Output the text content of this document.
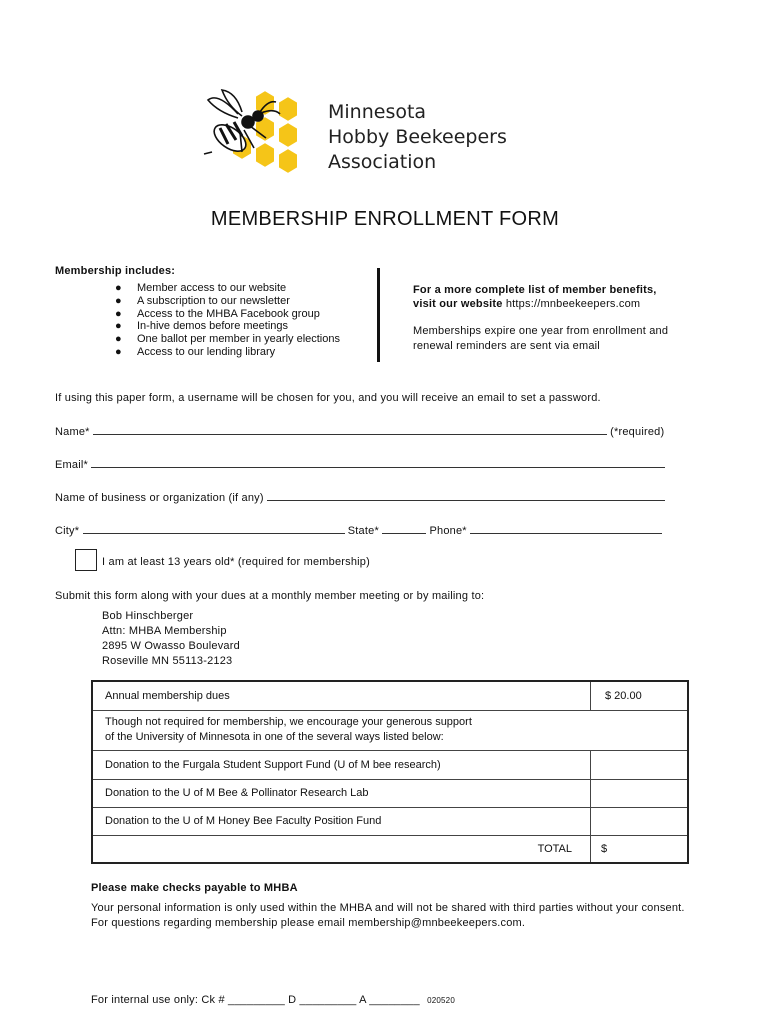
Minnesota
Hobby Beekeepers
Association
MEMBERSHIP ENROLLMENT FORM
Membership includes:
● Member access to our website
● A subscription to our newsletter
● Access to the MHBA Facebook group
● In-hive demos before meetings
● One ballot per member in yearly elections
● Access to our lending library
For a more complete list of member benefits,
visit our website https://mnbeekeepers.com
Memberships expire one year from enrollment and
renewal reminders are sent via email
If using this paper form, a username will be chosen for you, and you will receive an email to set a password.
Name*	(*required)
Email*
Name of business or organization (if any)
City*	State*	Phone*
I am at least 13 years old* (required for membership)
Submit this form along with your dues at a monthly member meeting or by mailing to:
Bob Hinschberger
Attn: MHBA Membership
2895 W Owasso Boulevard
Roseville MN 55113-2123
Annual membership dues	$ 20.00

Though not required for membership, we encourage your generous support
of the University of Minnesota in one of the several ways listed below:	

Donation to the Furgala Student Support Fund (U of M bee research)	
Donation to the U of M Bee & Pollinator Research Lab	
Donation to the U of M Honey Bee Faculty Position Fund	
TOTAL	$
Please make checks payable to MHBA
Your personal information is only used within the MHBA and will not be shared with third parties without your consent.
For questions regarding membership please email membership@mnbeekeepers.com.
For internal use only: Ck # _________ D _________ A ________ 020520
